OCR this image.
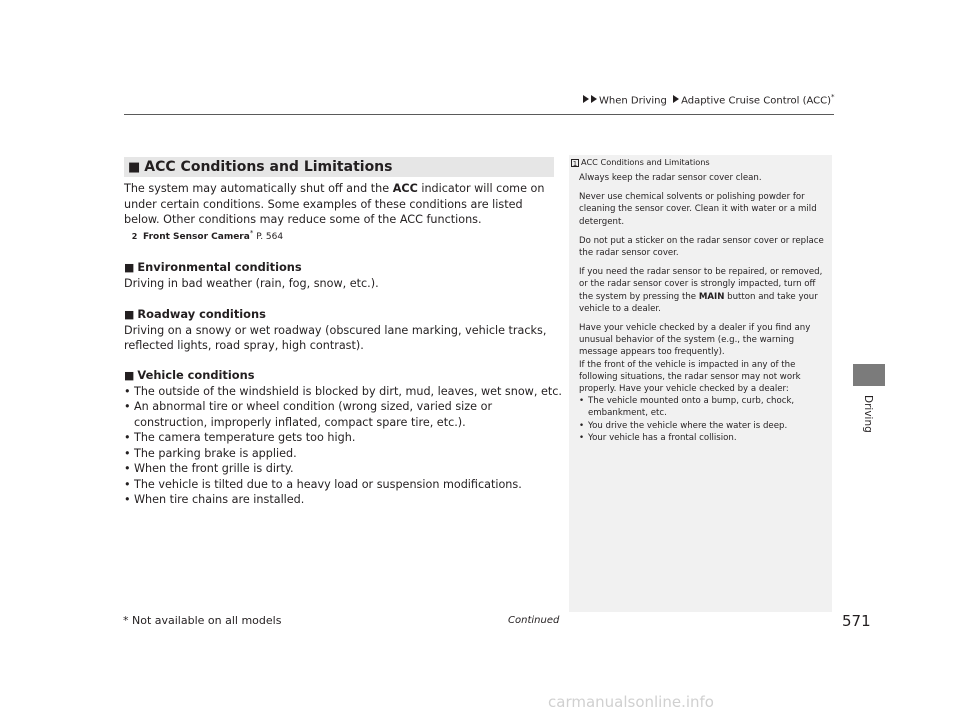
When Driving Adaptive Cruise Control (ACC)*
■ ACC Conditions and Limitations
The system may automatically shut off and the ACC indicator will come on under certain conditions. Some examples of these conditions are listed below. Other conditions may reduce some of the ACC functions.
2 Front Sensor Camera* P. 564
■ Environmental conditions
Driving in bad weather (rain, fog, snow, etc.).
■ Roadway conditions
Driving on a snowy or wet roadway (obscured lane marking, vehicle tracks, reflected lights, road spray, high contrast).
■ Vehicle conditions
• The outside of the windshield is blocked by dirt, mud, leaves, wet snow, etc.
• An abnormal tire or wheel condition (wrong sized, varied size or construction, improperly inflated, compact spare tire, etc.).
• The camera temperature gets too high.
• The parking brake is applied.
• When the front grille is dirty.
• The vehicle is tilted due to a heavy load or suspension modifications.
• When tire chains are installed.
1 ACC Conditions and Limitations

Always keep the radar sensor cover clean.

Never use chemical solvents or polishing powder for cleaning the sensor cover. Clean it with water or a mild detergent.

Do not put a sticker on the radar sensor cover or replace the radar sensor cover.

If you need the radar sensor to be repaired, or removed, or the radar sensor cover is strongly impacted, turn off the system by pressing the MAIN button and take your vehicle to a dealer.

Have your vehicle checked by a dealer if you find any unusual behavior of the system (e.g., the warning message appears too frequently).

If the front of the vehicle is impacted in any of the following situations, the radar sensor may not work properly. Have your vehicle checked by a dealer:

• The vehicle mounted onto a bump, curb, chock, embankment, etc.
• You drive the vehicle where the water is deep.
• Your vehicle has a frontal collision.
Driving
* Not available on all models	Continued	571
carmanualsonline.info
